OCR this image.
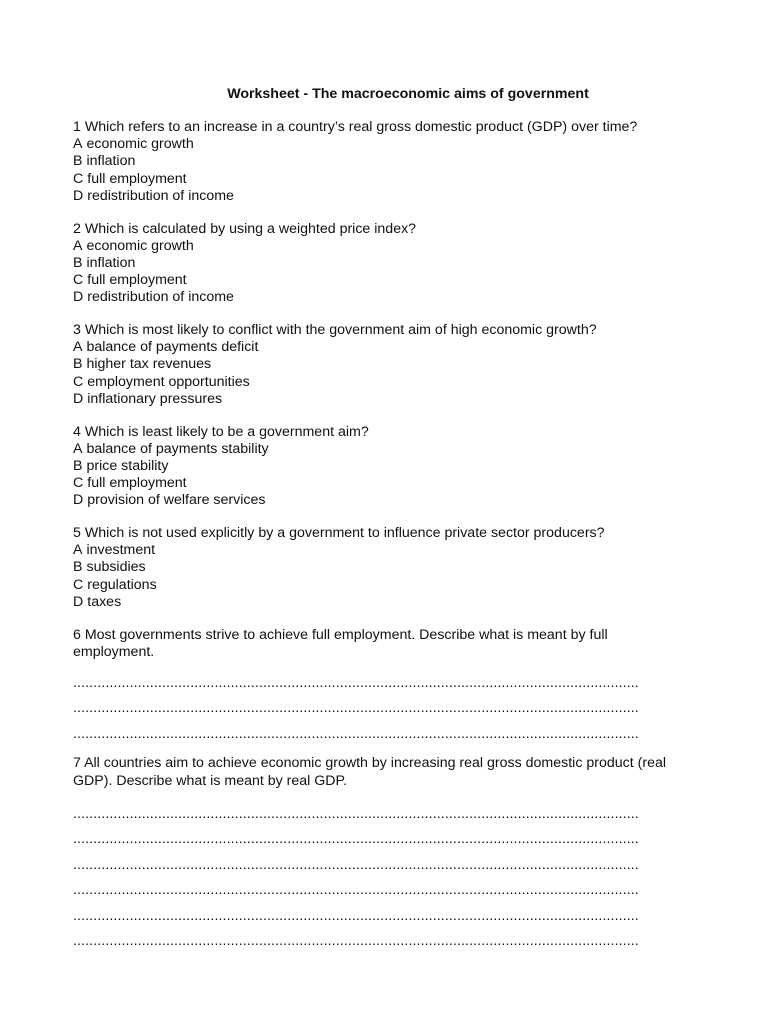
Worksheet - The macroeconomic aims of government

1 Which refers to an increase in a country’s real gross domestic product (GDP) over time?

A economic growth
B inflation
C full employment
D redistribution of income

2 Which is calculated by using a weighted price index?

A economic growth
B inflation
C full employment
D redistribution of income

3 Which is most likely to conflict with the government aim of high economic growth?

A balance of payments deficit
B higher tax revenues
C employment opportunities
D inflationary pressures

4 Which is least likely to be a government aim?

A balance of payments stability
B price stability
C full employment
D provision of welfare services

5 Which is not used explicitly by a government to influence private sector producers?

A investment
B subsidies
C regulations
D taxes

6 Most governments strive to achieve full employment. Describe what is meant by full employment.

............................................................................................................................................
............................................................................................................................................
............................................................................................................................................

7 All countries aim to achieve economic growth by increasing real gross domestic product (real GDP). Describe what is meant by real GDP.

............................................................................................................................................
............................................................................................................................................
............................................................................................................................................
............................................................................................................................................
............................................................................................................................................
............................................................................................................................................
